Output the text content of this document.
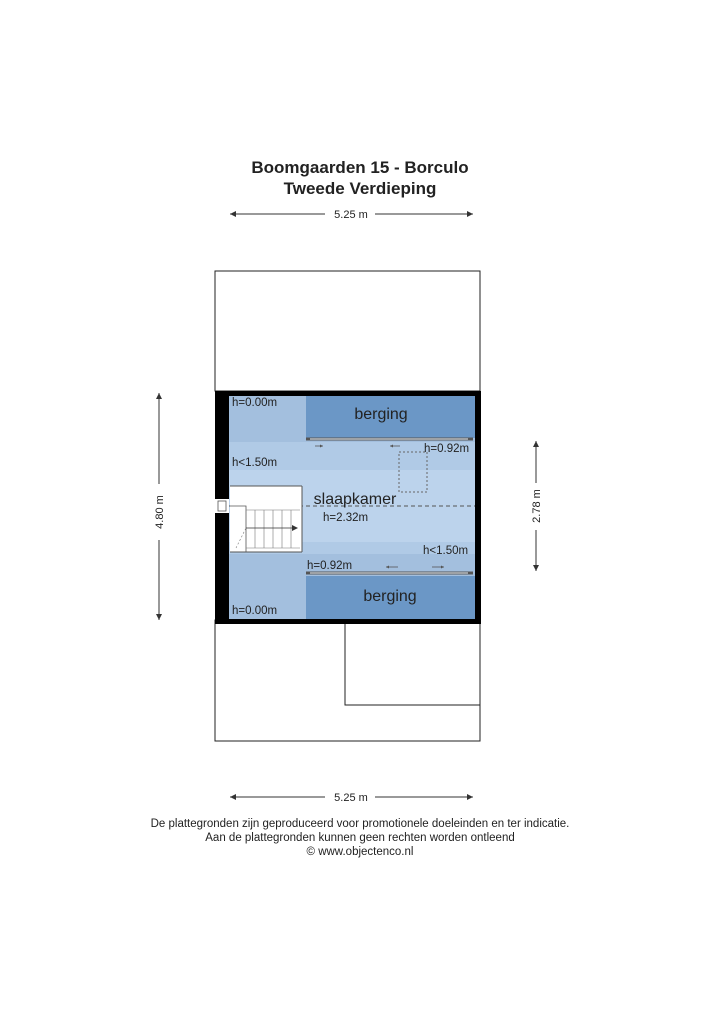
Boomgaarden 15 - Borculo
Tweede Verdieping
5.25 m
berging
slaapkamer
berging
h=0.00m
h=0.92m
h<1.50m
h=2.32m
h<1.50m
h=0.92m
h=0.00m
4.80 m	2.78 m
5.25 m
De plattegronden zijn geproduceerd voor promotionele doeleinden en ter indicatie.
Aan de plattegronden kunnen geen rechten worden ontleend
© www.objectenco.nl
